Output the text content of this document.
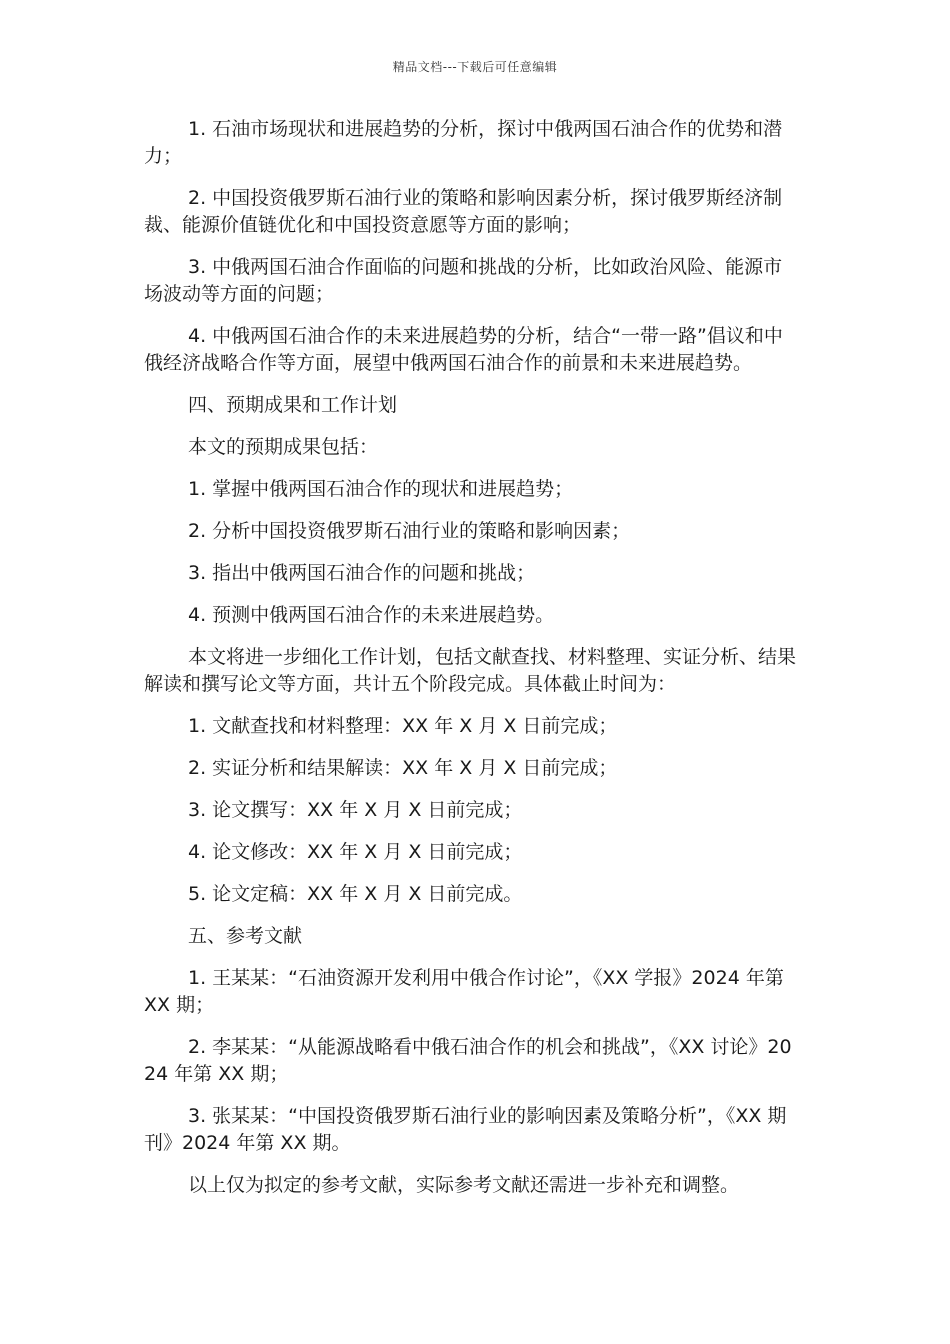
精品文档---下载后可任意编辑

1. 石油市场现状和进展趋势的分析，探讨中俄两国石油合作的优势和潜力；

2. 中国投资俄罗斯石油行业的策略和影响因素分析，探讨俄罗斯经济制裁、能源价值链优化和中国投资意愿等方面的影响；

3. 中俄两国石油合作面临的问题和挑战的分析，比如政治风险、能源市场波动等方面的问题；

4. 中俄两国石油合作的未来进展趋势的分析，结合“一带一路”倡议和中俄经济战略合作等方面，展望中俄两国石油合作的前景和未来进展趋势。

四、预期成果和工作计划

本文的预期成果包括：

1. 掌握中俄两国石油合作的现状和进展趋势；

2. 分析中国投资俄罗斯石油行业的策略和影响因素；

3. 指出中俄两国石油合作的问题和挑战；

4. 预测中俄两国石油合作的未来进展趋势。

本文将进一步细化工作计划，包括文献查找、材料整理、实证分析、结果解读和撰写论文等方面，共计五个阶段完成。具体截止时间为：

1. 文献查找和材料整理：XX 年 X 月 X 日前完成；

2. 实证分析和结果解读：XX 年 X 月 X 日前完成；

3. 论文撰写：XX 年 X 月 X 日前完成；

4. 论文修改：XX 年 X 月 X 日前完成；

5. 论文定稿：XX 年 X 月 X 日前完成。

五、参考文献

1. 王某某：“石油资源开发利用中俄合作讨论”，《XX 学报》2024 年第 XX 期；

2. 李某某：“从能源战略看中俄石油合作的机会和挑战”，《XX 讨论》2024 年第 XX 期；

3. 张某某：“中国投资俄罗斯石油行业的影响因素及策略分析”，《XX 期刊》2024 年第 XX 期。

以上仅为拟定的参考文献，实际参考文献还需进一步补充和调整。
